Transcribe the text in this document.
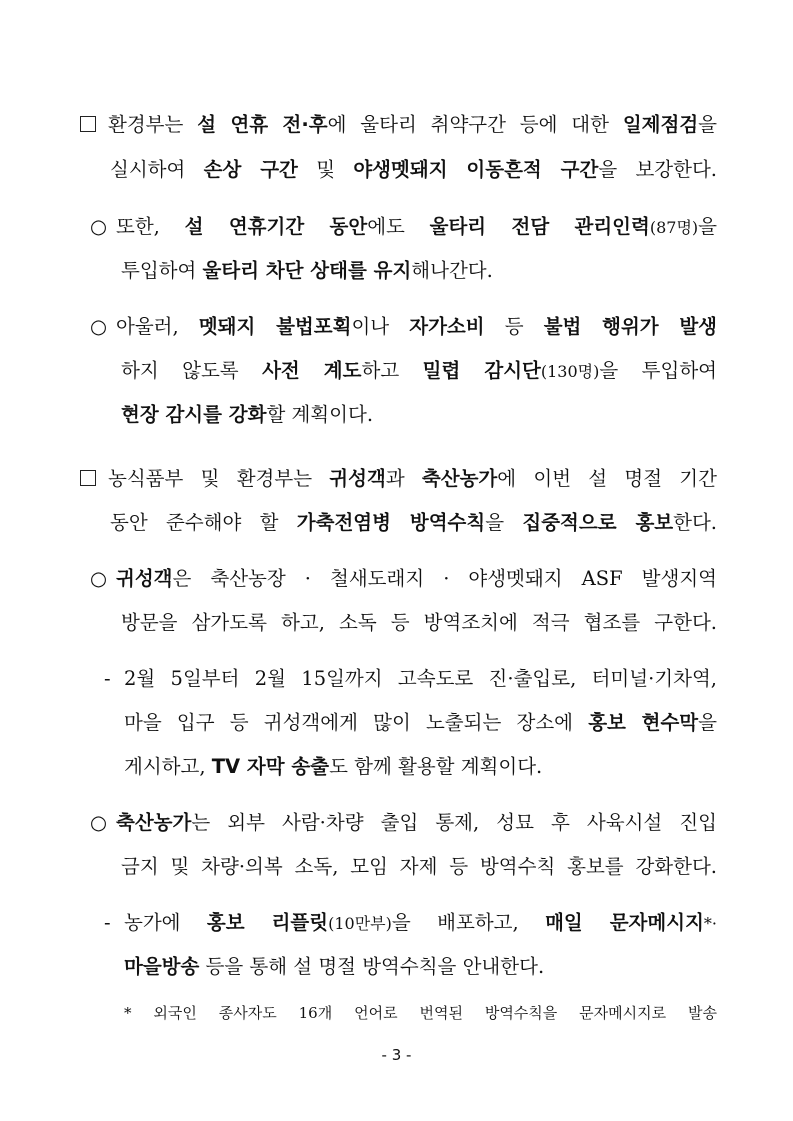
환경부는 설 연휴 전·후에 울타리 취약구간 등에 대한 일제점검을
실시하여 손상 구간 및 야생멧돼지 이동흔적 구간을 보강한다.
○ 또한, 설 연휴기간 동안에도 울타리 전담 관리인력(87명)을
투입하여 울타리 차단 상태를 유지해나간다.
○ 아울러, 멧돼지 불법포획이나 자가소비 등 불법 행위가 발생
하지 않도록 사전 계도하고 밀렵 감시단(130명)을 투입하여
현장 감시를 강화할 계획이다.
농식품부 및 환경부는 귀성객과 축산농가에 이번 설 명절 기간
동안 준수해야 할 가축전염병 방역수칙을 집중적으로 홍보한다.
○ 귀성객은 축산농장 · 철새도래지 · 야생멧돼지 ASF 발생지역
방문을 삼가도록 하고, 소독 등 방역조치에 적극 협조를 구한다.
- 2월 5일부터 2월 15일까지 고속도로 진·출입로, 터미널·기차역,
마을 입구 등 귀성객에게 많이 노출되는 장소에 홍보 현수막을
게시하고, TV 자막 송출도 함께 활용할 계획이다.
○ 축산농가는 외부 사람·차량 출입 통제, 성묘 후 사육시설 진입
금지 및 차량·의복 소독, 모임 자제 등 방역수칙 홍보를 강화한다.
- 농가에 홍보 리플릿(10만부)을 배포하고, 매일 문자메시지*·
마을방송 등을 통해 설 명절 방역수칙을 안내한다.
* 외국인 종사자도 16개 언어로 번역된 방역수칙을 문자메시지로 발송
- 3 -
